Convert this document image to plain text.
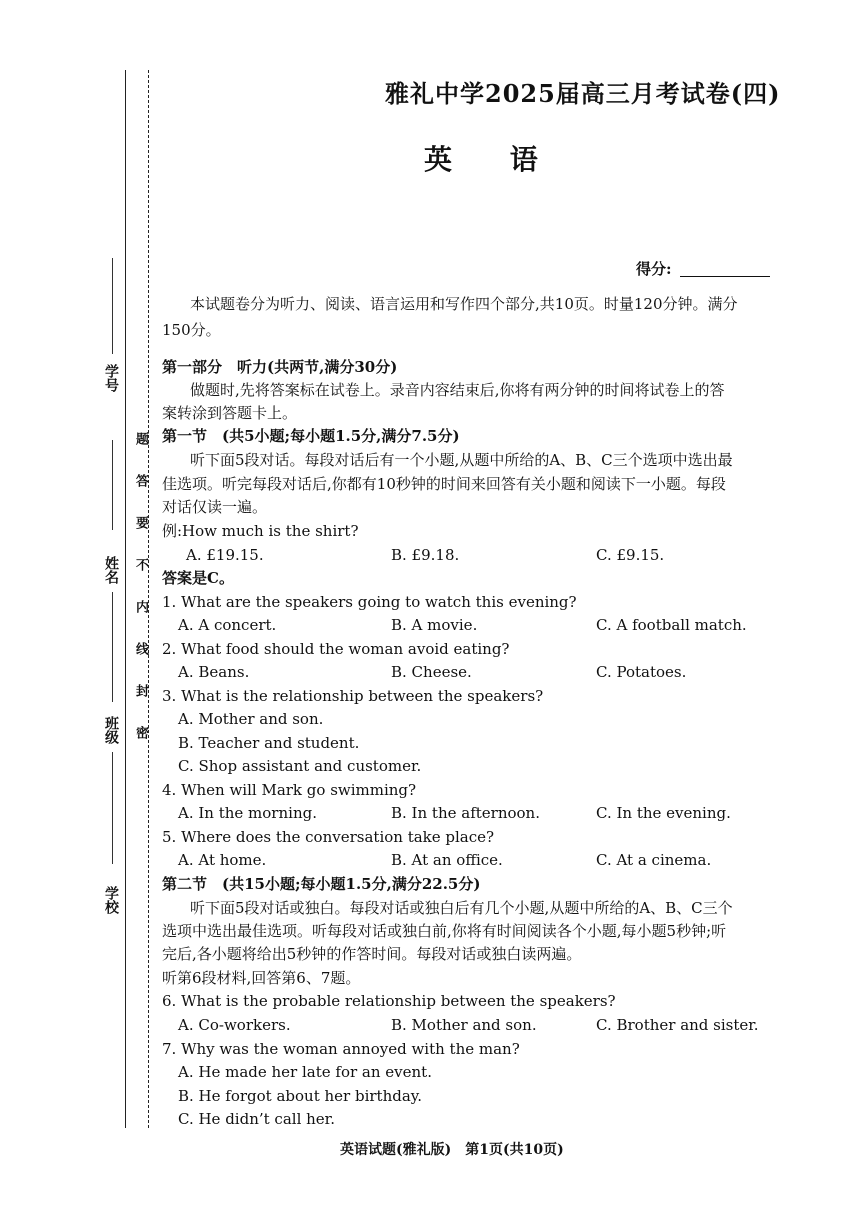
学号
姓名
班级
学校
题
答
要
不
内
线
封
密
雅礼中学2025届高三月考试卷(四)
英 语
得分:
本试题卷分为听力、阅读、语言运用和写作四个部分,共10页。时量120分钟。满分
150分。
第一部分　听力(共两节,满分30分)
做题时,先将答案标在试卷上。录音内容结束后,你将有两分钟的时间将试卷上的答
案转涂到答题卡上。
第一节　(共5小题;每小题1.5分,满分7.5分)
听下面5段对话。每段对话后有一个小题,从题中所给的A、B、C三个选项中选出最
佳选项。听完每段对话后,你都有10秒钟的时间来回答有关小题和阅读下一小题。每段
对话仅读一遍。
例:How much is the shirt?
A. £19.15.	B. £9.18.	C. £9.15.
答案是C。
1. What are the speakers going to watch this evening?
A. A concert.	B. A movie.	C. A football match.
2. What food should the woman avoid eating?
A. Beans.	B. Cheese.	C. Potatoes.
3. What is the relationship between the speakers?
A. Mother and son.
B. Teacher and student.
C. Shop assistant and customer.
4. When will Mark go swimming?
A. In the morning.	B. In the afternoon.	C. In the evening.
5. Where does the conversation take place?
A. At home.	B. At an office.	C. At a cinema.
第二节　(共15小题;每小题1.5分,满分22.5分)
听下面5段对话或独白。每段对话或独白后有几个小题,从题中所给的A、B、C三个
选项中选出最佳选项。听每段对话或独白前,你将有时间阅读各个小题,每小题5秒钟;听
完后,各小题将给出5秒钟的作答时间。每段对话或独白读两遍。
听第6段材料,回答第6、7题。
6. What is the probable relationship between the speakers?
A. Co-workers.	B. Mother and son.	C. Brother and sister.
7. Why was the woman annoyed with the man?
A. He made her late for an event.
B. He forgot about her birthday.
C. He didn’t call her.
英语试题(雅礼版)　第1页(共10页)
